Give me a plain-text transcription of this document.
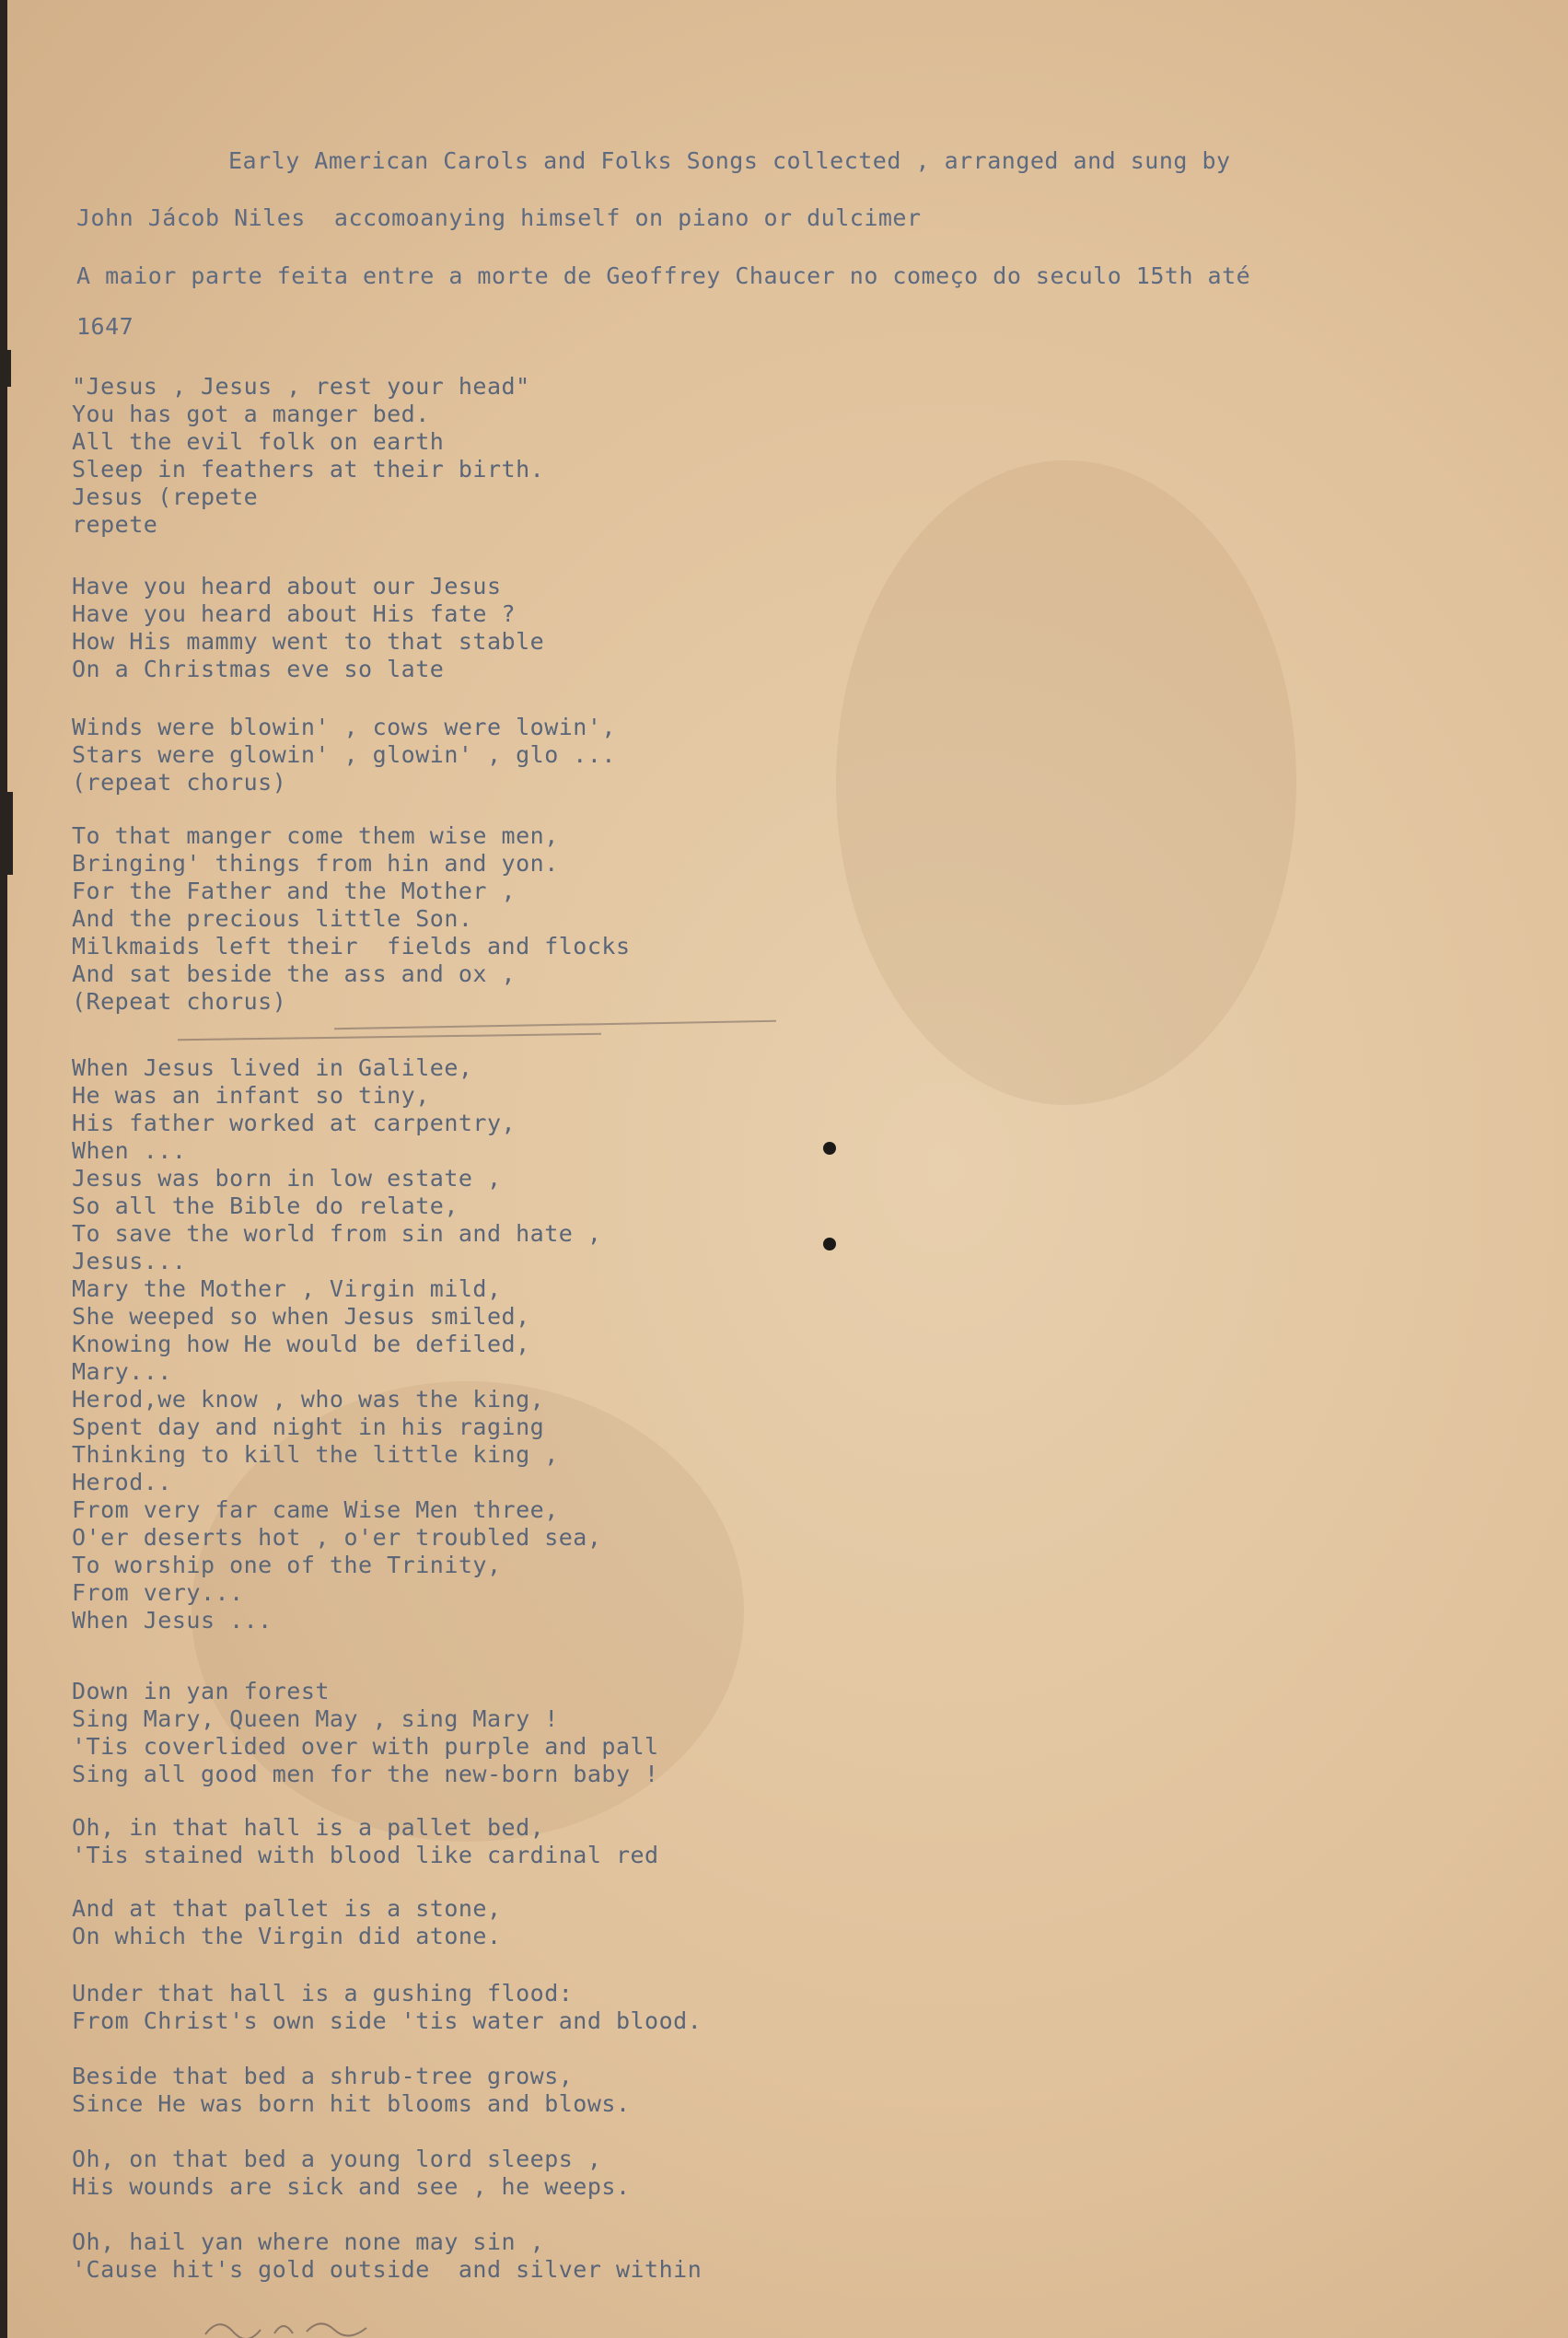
Early American Carols and Folks Songs collected , arranged and sung by

John Jácob Niles  accomoanying himself on piano or dulcimer

A maior parte feita entre a morte de Geoffrey Chaucer no começo do seculo 15th até

1647

"Jesus , Jesus , rest your head"
You has got a manger bed.
All the evil folk on earth
Sleep in feathers at their birth.
Jesus (repete
repete
Have you heard about our Jesus
Have you heard about His fate ?
How His mammy went to that stable
On a Christmas eve so late
Winds were blowin' , cows were lowin',
Stars were glowin' , glowin' , glo ...
(repeat chorus)
To that manger come them wise men,
Bringing' things from hin and yon.
For the Father and the Mother ,
And the precious little Son.
Milkmaids left their  fields and flocks
And sat beside the ass and ox ,
(Repeat chorus)
When Jesus lived in Galilee,
He was an infant so tiny,
His father worked at carpentry,
When ...
Jesus was born in low estate ,
So all the Bible do relate,
To save the world from sin and hate ,
Jesus...
Mary the Mother , Virgin mild,
She weeped so when Jesus smiled,
Knowing how He would be defiled,
Mary...
Herod,we know , who was the king,
Spent day and night in his raging
Thinking to kill the little king ,
Herod..
From very far came Wise Men three,
O'er deserts hot , o'er troubled sea,
To worship one of the Trinity,
From very...
When Jesus ...
Down in yan forest
Sing Mary, Queen May , sing Mary !
'Tis coverlided over with purple and pall
Sing all good men for the new-born baby !
Oh, in that hall is a pallet bed,
'Tis stained with blood like cardinal red
And at that pallet is a stone,
On which the Virgin did atone.
Under that hall is a gushing flood:
From Christ's own side 'tis water and blood.
Beside that bed a shrub-tree grows,
Since He was born hit blooms and blows.
Oh, on that bed a young lord sleeps ,
His wounds are sick and see , he weeps.
Oh, hail yan where none may sin ,
'Cause hit's gold outside  and silver within
